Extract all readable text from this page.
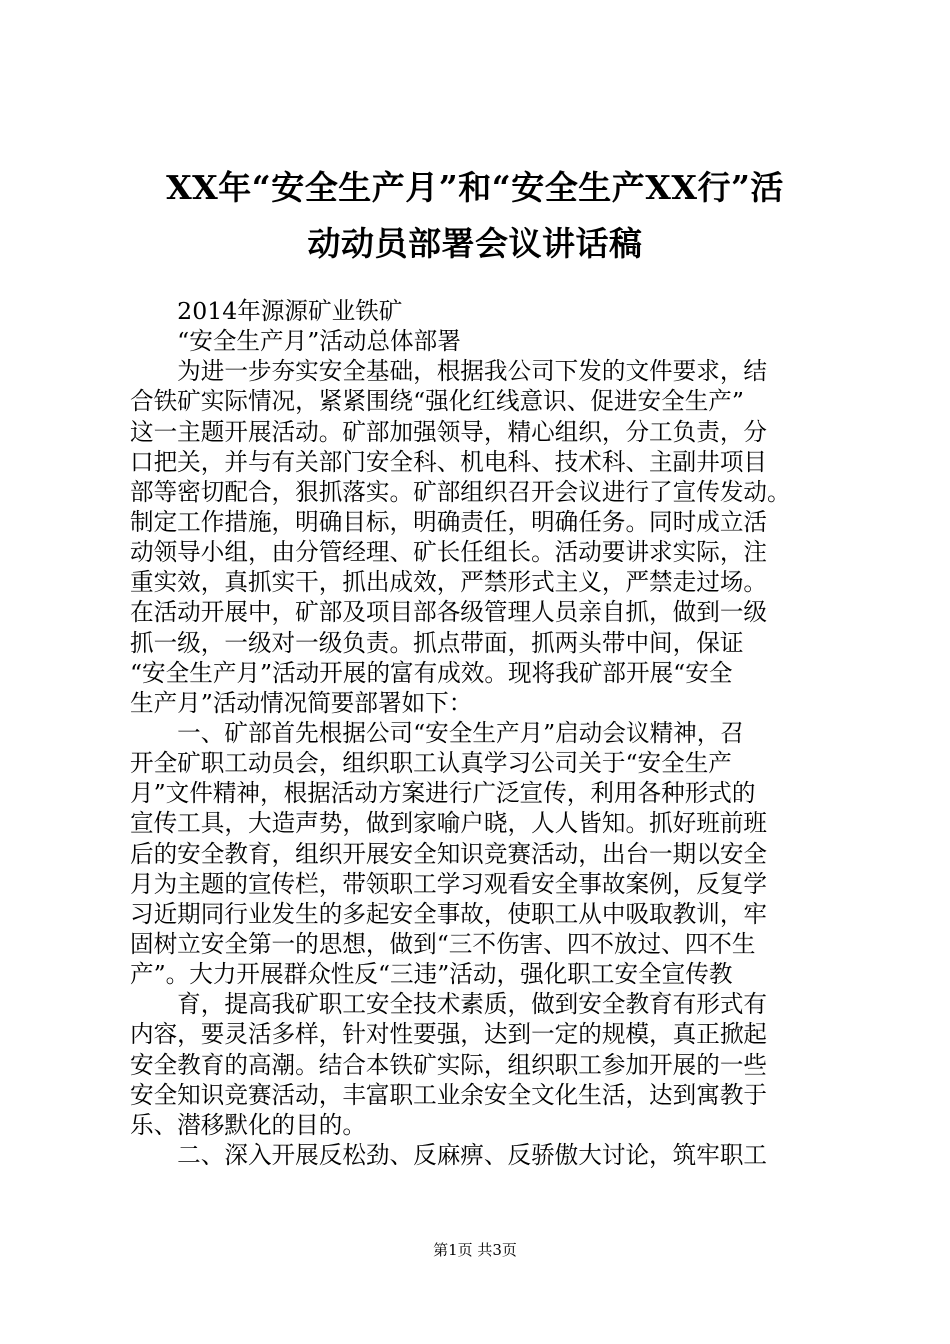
XX年“安全生产月”和“安全生产XX行”活
动动员部署会议讲话稿
　　2014年源源矿业铁矿
　　“安全生产月”活动总体部署
　　为进一步夯实安全基础，根据我公司下发的文件要求，结
合铁矿实际情况，紧紧围绕“强化红线意识、促进安全生产”
这一主题开展活动。矿部加强领导，精心组织，分工负责，分
口把关，并与有关部门安全科、机电科、技术科、主副井项目
部等密切配合，狠抓落实。矿部组织召开会议进行了宣传发动。
制定工作措施，明确目标，明确责任，明确任务。同时成立活
动领导小组，由分管经理、矿长任组长。活动要讲求实际，注
重实效，真抓实干，抓出成效，严禁形式主义，严禁走过场。
在活动开展中，矿部及项目部各级管理人员亲自抓，做到一级
抓一级，一级对一级负责。抓点带面，抓两头带中间，保证
“安全生产月”活动开展的富有成效。现将我矿部开展“安全
生产月”活动情况简要部署如下：
　　一、矿部首先根据公司“安全生产月”启动会议精神，召
开全矿职工动员会，组织职工认真学习公司关于“安全生产
月”文件精神，根据活动方案进行广泛宣传，利用各种形式的
宣传工具，大造声势，做到家喻户晓，人人皆知。抓好班前班
后的安全教育，组织开展安全知识竞赛活动，出台一期以安全
月为主题的宣传栏，带领职工学习观看安全事故案例，反复学
习近期同行业发生的多起安全事故，使职工从中吸取教训，牢
固树立安全第一的思想，做到“三不伤害、四不放过、四不生
产”。大力开展群众性反“三违”活动，强化职工安全宣传教
　　育，提高我矿职工安全技术素质，做到安全教育有形式有
内容，要灵活多样，针对性要强，达到一定的规模，真正掀起
安全教育的高潮。结合本铁矿实际，组织职工参加开展的一些
安全知识竞赛活动，丰富职工业余安全文化生活，达到寓教于
乐、潜移默化的目的。
　　二、深入开展反松劲、反麻痹、反骄傲大讨论，筑牢职工
第1页 共3页
